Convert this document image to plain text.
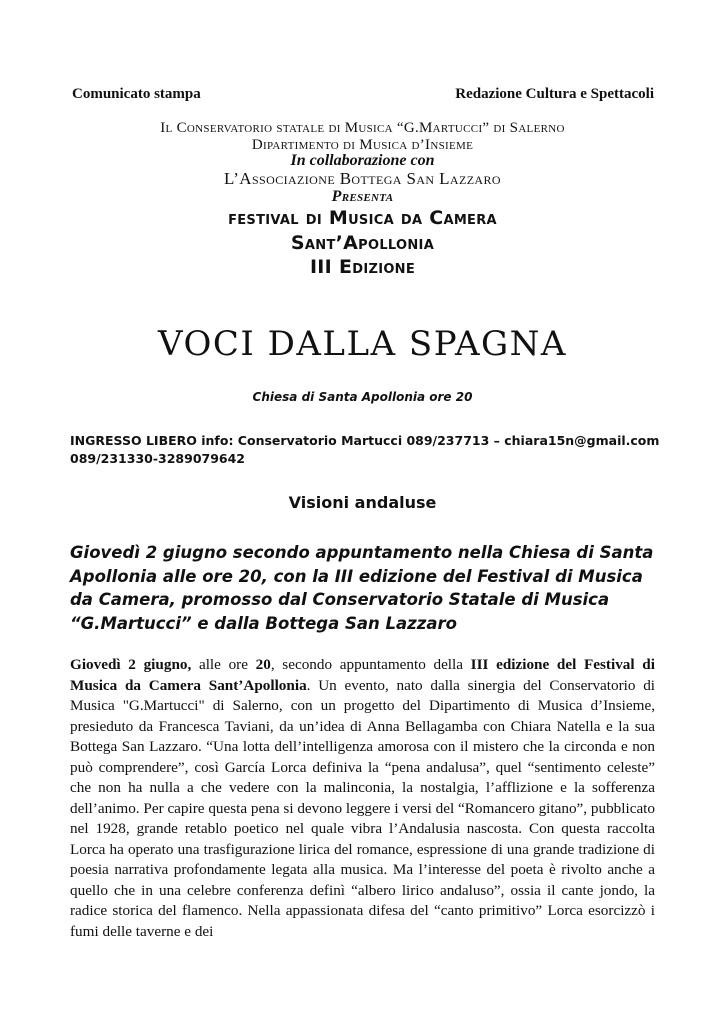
Comunicato stampa	Redazione Cultura e Spettacoli
Il Conservatorio statale di Musica “G.Martucci” di Salerno
Dipartimento di Musica d’Insieme
In collaborazione con
L’Associazione Bottega San Lazzaro
Presenta
festival di Musica da Camera
Sant’Apollonia
III Edizione
VOCI DALLA SPAGNA
Chiesa di Santa Apollonia ore 20
INGRESSO LIBERO info: Conservatorio Martucci 089/237713 – chiara15n@gmail.com
089/231330-3289079642
Visioni andaluse
Giovedì 2 giugno secondo appuntamento nella Chiesa di Santa Apollonia alle ore 20, con la III edizione del Festival di Musica da Camera, promosso dal Conservatorio Statale di Musica “G.Martucci” e dalla Bottega San Lazzaro
Giovedì 2 giugno, alle ore 20, secondo appuntamento della III edizione del Festival di Musica da Camera Sant’Apollonia. Un evento, nato dalla sinergia del Conservatorio di Musica "G.Martucci" di Salerno, con un progetto del Dipartimento di Musica d’Insieme, presieduto da Francesca Taviani, da un’idea di Anna Bellagamba con Chiara Natella e la sua Bottega San Lazzaro. “Una lotta dell’intelligenza amorosa con il mistero che la circonda e non può comprendere”, così García Lorca definiva la “pena andalusa”, quel “sentimento celeste” che non ha nulla a che vedere con la malinconia, la nostalgia, l’afflizione e la sofferenza dell’animo. Per capire questa pena si devono leggere i versi del “Romancero gitano”, pubblicato nel 1928, grande retablo poetico nel quale vibra l’Andalusia nascosta. Con questa raccolta Lorca ha operato una trasfigurazione lirica del romance, espressione di una grande tradizione di poesia narrativa profondamente legata alla musica. Ma l’interesse del poeta è rivolto anche a quello che in una celebre conferenza definì “albero lirico andaluso”, ossia il cante jondo, la radice storica del flamenco. Nella appassionata difesa del “canto primitivo” Lorca esorcizzò i fumi delle taverne e dei
